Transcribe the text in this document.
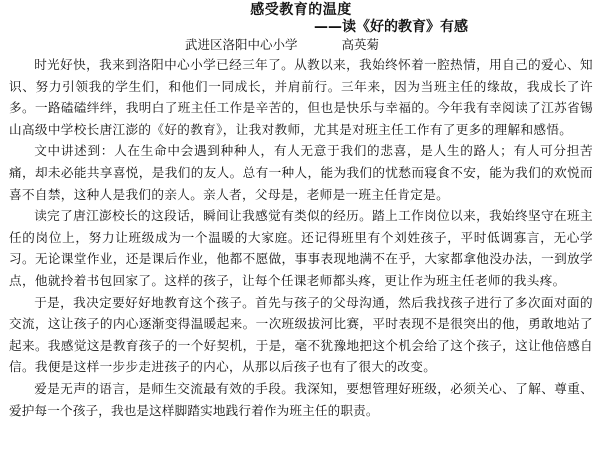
感受教育的温度

——读《好的教育》有感

武进区洛阳中心小学	高英菊

时光好快，我来到洛阳中心小学已经三年了。从教以来，我始终怀着一腔热情，用自己的爱心、知识、努力引领我的学生们，和他们一同成长，并肩前行。三年来，因为当班主任的缘故，我成长了许多。一路磕磕绊绊，我明白了班主任工作是辛苦的，但也是快乐与幸福的。今年我有幸阅读了江苏省锡山高级中学校长唐江澎的《好的教育》，让我对教师，尤其是对班主任工作有了更多的理解和感悟。

文中讲述到：人在生命中会遇到种种人，有人无意于我们的悲喜，是人生的路人；有人可分担苦痛，却未必能共享喜悦，是我们的友人。总有一种人，能为我们的忧愁而寝食不安，能为我们的欢悦而喜不自禁，这种人是我们的亲人。亲人者，父母是，老师是一班主任肯定是。

读完了唐江澎校长的这段话，瞬间让我感觉有类似的经历。踏上工作岗位以来，我始终坚守在班主任的岗位上，努力让班级成为一个温暖的大家庭。还记得班里有个刘姓孩子，平时低调寡言，无心学习。无论课堂作业，还是课后作业，他都不愿做，事事表现地满不在乎，大家都拿他没办法，一到放学点，他就拎着书包回家了。这样的孩子，让每个任课老师都头疼，更让作为班主任老师的我头疼。

于是，我决定要好好地教育这个孩子。首先与孩子的父母沟通，然后我找孩子进行了多次面对面的交流，这让孩子的内心逐渐变得温暖起来。一次班级拔河比赛，平时表现不是很突出的他，勇敢地站了起来。我感觉这是教育孩子的一个好契机，于是，毫不犹豫地把这个机会给了这个孩子，这让他倍感自信。我便是这样一步步走进孩子的内心，从那以后孩子也有了很大的改变。

爱是无声的语言，是师生交流最有效的手段。我深知，要想管理好班级，必须关心、了解、尊重、爱护每一个孩子，我也是这样脚踏实地践行着作为班主任的职责。
